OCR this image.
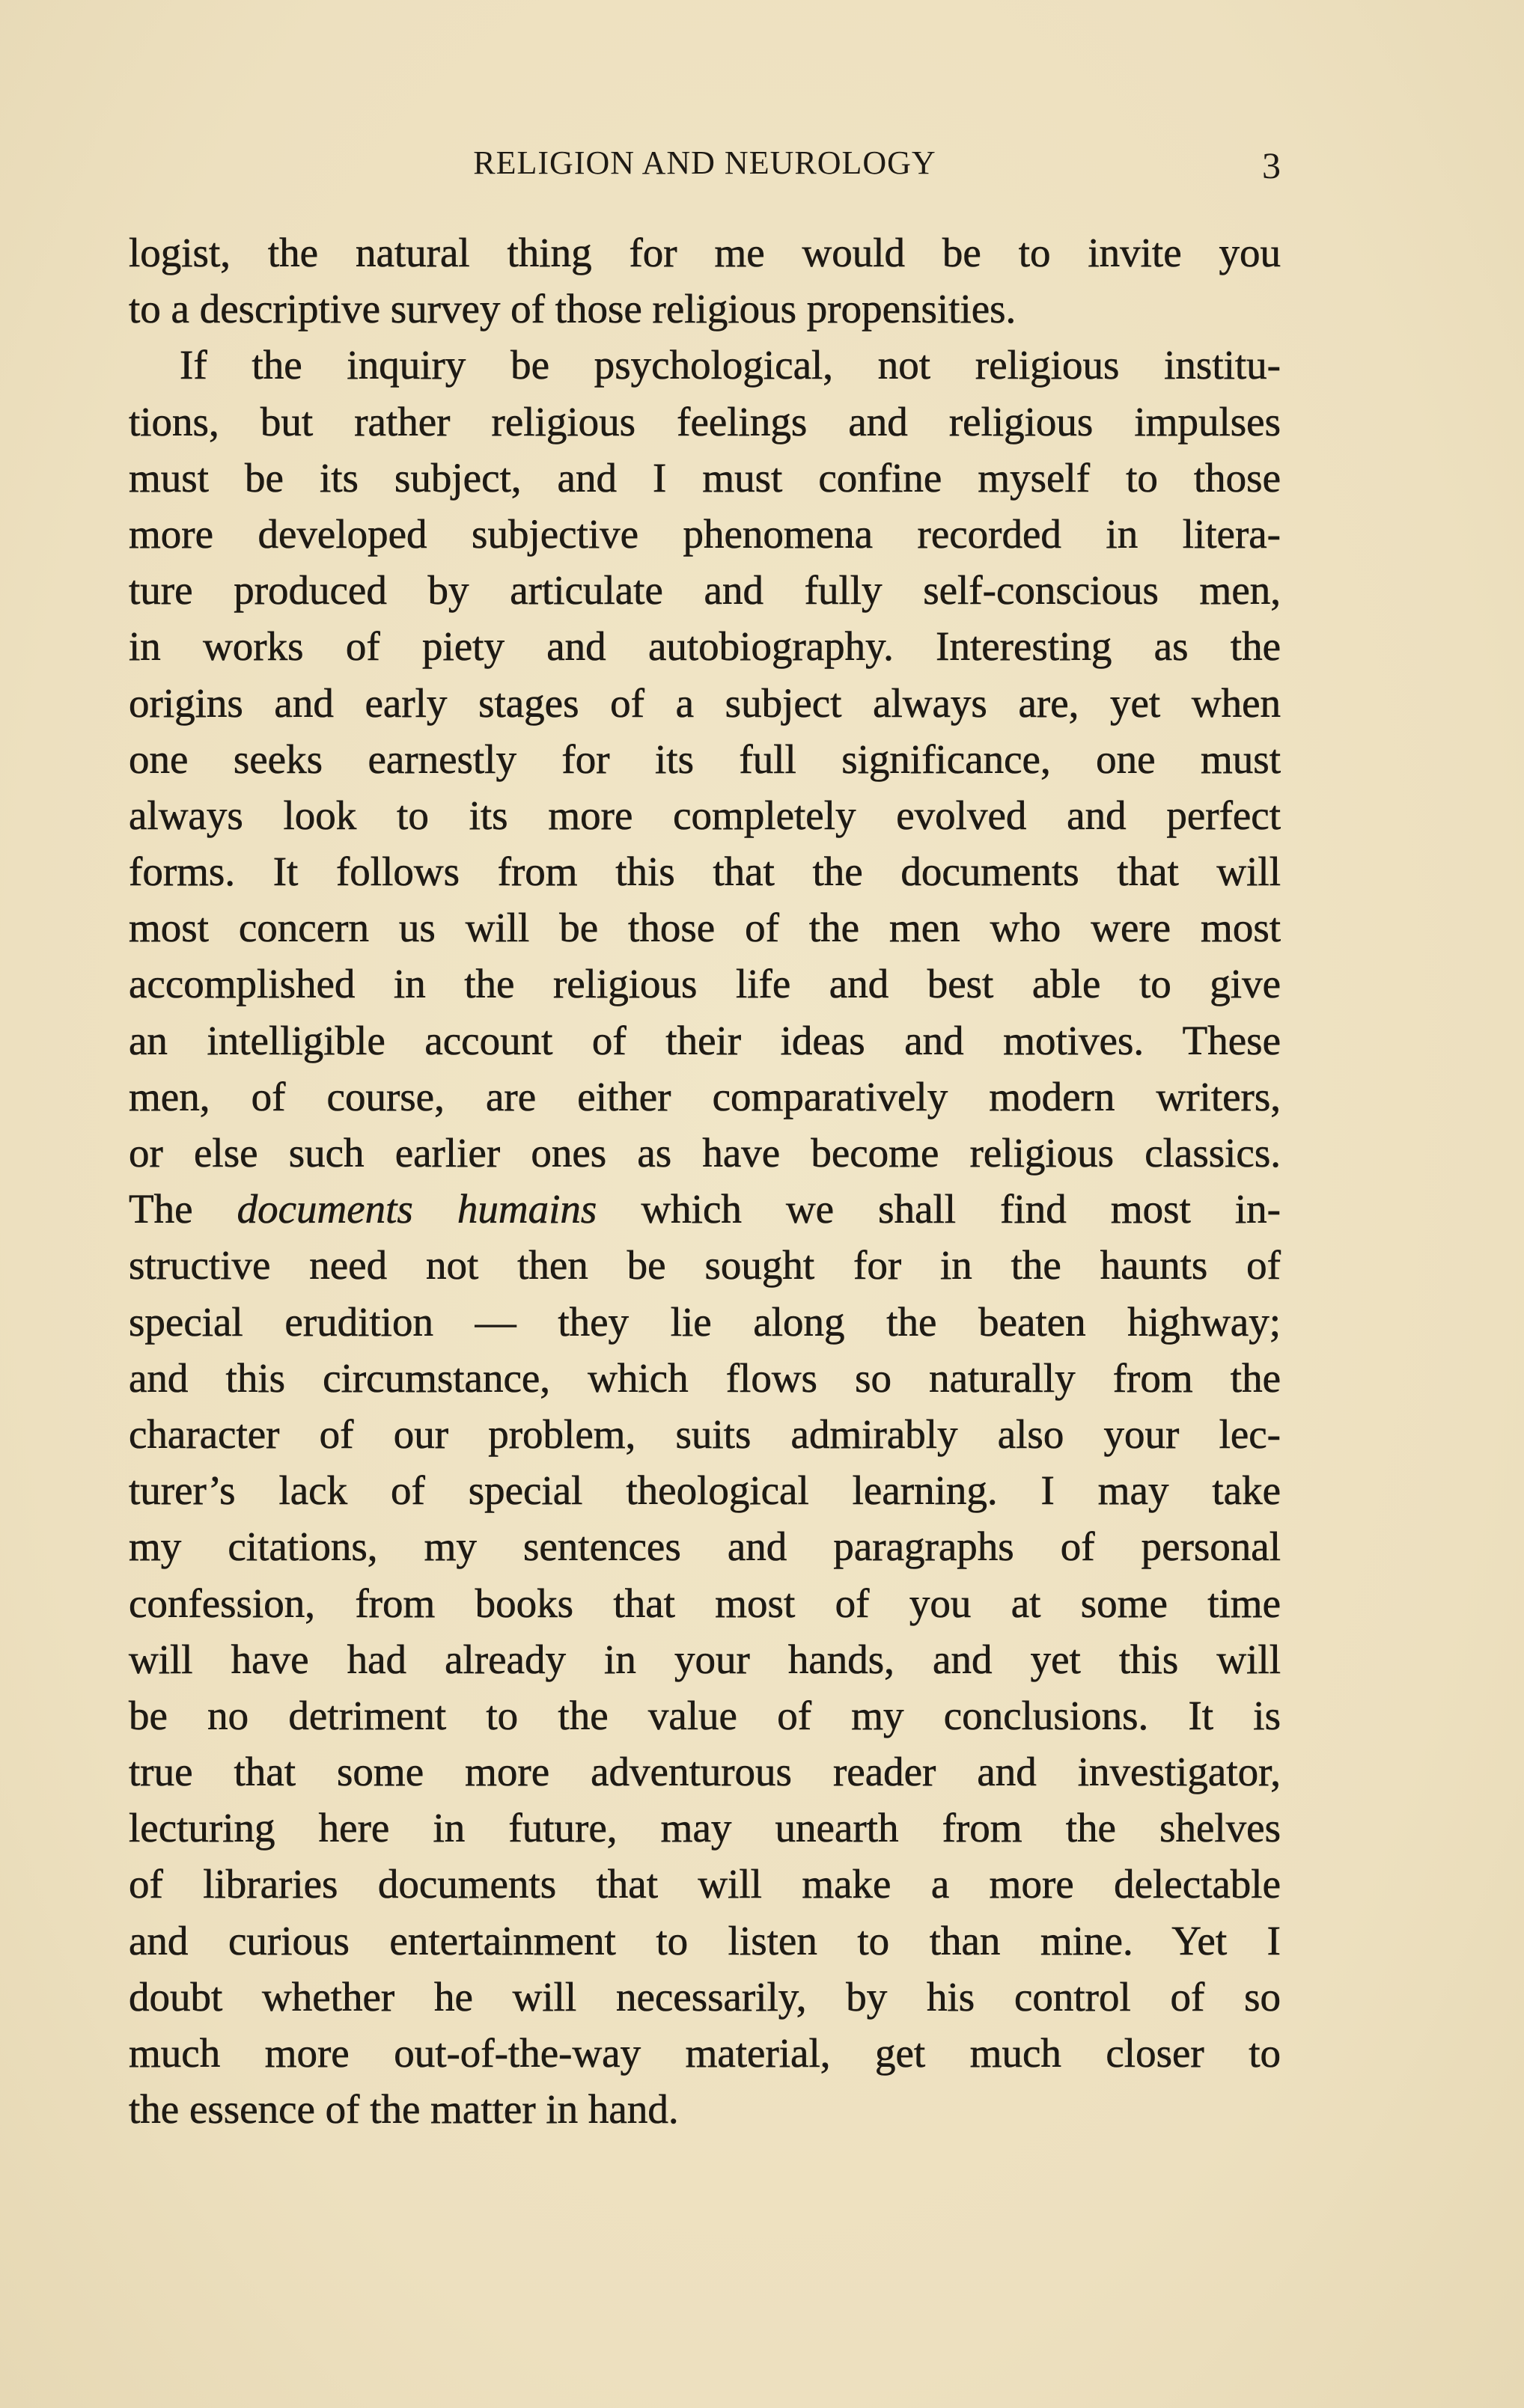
RELIGION AND NEUROLOGY	3
logist, the natural thing for me would be to invite you
to a descriptive survey of those religious propensities.
If the inquiry be psychological, not religious institu-
tions, but rather religious feelings and religious impulses
must be its subject, and I must confine myself to those
more developed subjective phenomena recorded in litera-
ture produced by articulate and fully self-conscious men,
in works of piety and autobiography. Interesting as the
origins and early stages of a subject always are, yet when
one seeks earnestly for its full significance, one must
always look to its more completely evolved and perfect
forms. It follows from this that the documents that will
most concern us will be those of the men who were most
accomplished in the religious life and best able to give
an intelligible account of their ideas and motives. These
men, of course, are either comparatively modern writers,
or else such earlier ones as have become religious classics.
The documents humains which we shall find most in-
structive need not then be sought for in the haunts of
special erudition — they lie along the beaten highway;
and this circumstance, which flows so naturally from the
character of our problem, suits admirably also your lec-
turer’s lack of special theological learning. I may take
my citations, my sentences and paragraphs of personal
confession, from books that most of you at some time
will have had already in your hands, and yet this will
be no detriment to the value of my conclusions. It is
true that some more adventurous reader and investigator,
lecturing here in future, may unearth from the shelves
of libraries documents that will make a more delectable
and curious entertainment to listen to than mine. Yet I
doubt whether he will necessarily, by his control of so
much more out-of-the-way material, get much closer to
the essence of the matter in hand.
